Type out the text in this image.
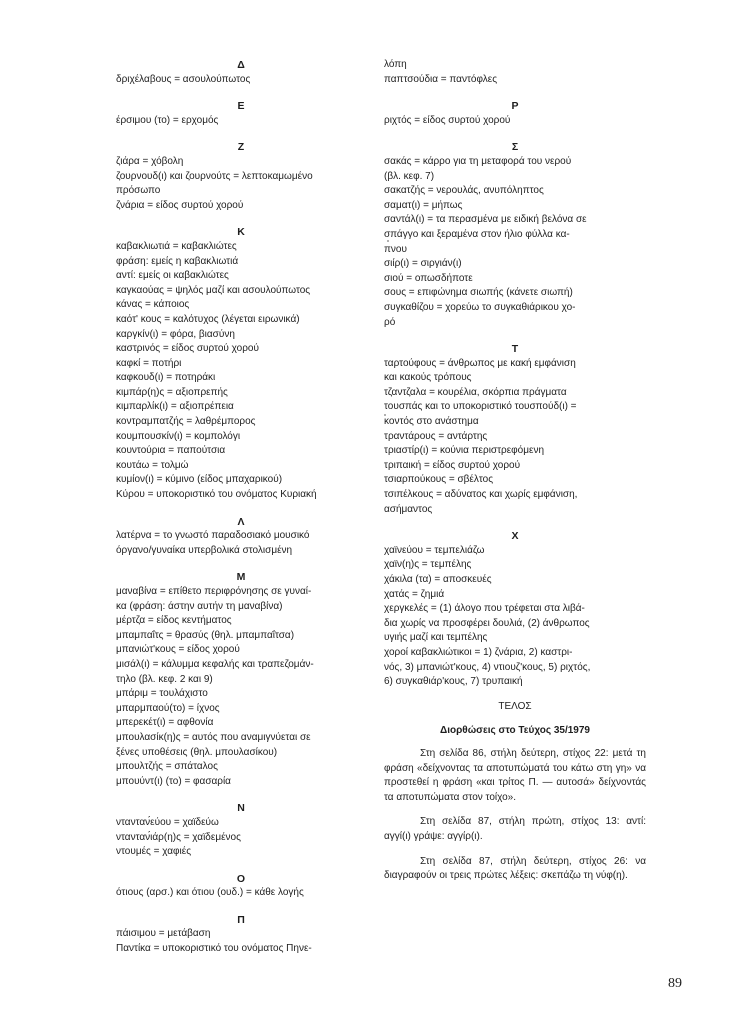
Δ
δριχέλαβους = ασουλούπωτος
Ε
έρσιμου (το) = ερχομός
Ζ
ζιάρα = χόβολη
ζουρνουδ(ι) και ζουρνούτς = λεπτοκαμωμένο
πρόσωπο
ζνάρια = είδος συρτού χορού
Κ
καβακλιωτιά = καβακλιώτες
φράση: εμείς η καβακλιωτιά
αντί: εμείς οι καβακλιώτες
καγκαούας = ψηλός μαζί και ασουλούπωτος
κάνας = κάποιος
καότ' κους = καλότυχος (λέγεται ειρωνικά)
καργκίν(ι) = φόρα, βιασύνη
καστρινός = είδος συρτού χορού
καφκί = ποτήρι
καφκουδ(ι) = ποτηράκι
κιμπάρ(η)ς = αξιοπρεπής
κιμπαρλίκ(ι) = αξιοπρέπεια
κοντραμπατζής = λαθρέμπορος
κουμπουσκίν(ι) = κομπολόγι
κουντούρια = παπούτσια
κουτάω = τολμώ
κυμίον(ι) = κύμινο (είδος μπαχαρικού)
Κύρου = υποκοριστικό του ονόματος Κυριακή
Λ
λατέρνα = το γνωστό παραδοσιακό μουσικό
όργανο/γυναίκα υπερβολικά στολισμένη
Μ
μαναβίνα = επίθετο περιφρόνησης σε γυναί-
κα (φράση: άστην αυτήν τη μαναβίνα)
μέρτζα = είδος κεντήματος
μπαμπαΐτς = θρασύς (θηλ. μπαμπαΐτσα)
μπανιώτ'κους = είδος χορού
μισάλ(ι) = κάλυμμα κεφαλής και τραπεζομάν-
τηλο (βλ. κεφ. 2 και 9)
μπάριμ = τουλάχιστο
μπαρμπαού(το) = ίχνος
μπερεκέτ(ι) = αφθονία
μπουλασίκ(η)ς = αυτός που αναμιγνύεται σε
ξένες υποθέσεις (θηλ. μπουλασίκου)
μπουλτζής = σπάταλος
μπουύντ(ι) (το) = φασαρία
Ν
ντανταν́εύου = χαϊδεύω
ντανταν́ιάρ(η)ς = χαϊδεμένος
ντουμές = χαφιές
Ο
ότιους (αρσ.) και ότιου (ουδ.) = κάθε λογής
Π
πάισιμου = μετάβαση
Παντίκα = υποκοριστικό του ονόματος Πηνε-
λόπη
παπτσούδια = παντόφλες
Ρ
ριχτός = είδος συρτού χορού
Σ
σακάς = κάρρο για τη μεταφορά του νερού
(βλ. κεφ. 7)
σακατζής = νερουλάς, ανυπόληπτος
σαματ(ι) = μήπως
σαντάλ(ι) = τα περασμένα με ειδική βελόνα σε
σπάγγο και ξεραμένα στον ήλιο φύλλα κα-
πνου
σιίρ(ι) = σιργιάν(ι)
σιού = οπωσδήποτε
σους = επιφώνημα σιωπής (κάνετε σιωπή)
συγκαθίζου = χορεύω το συγκαθιάρικου χο-
ρό
Τ
ταρτούφους = άνθρωπος με κακή εμφάνιση
και κακούς τρόπους
τζαντζαλα = κουρέλια, σκόρπια πράγματα
τουσπάς και το υποκοριστικό τουσπούδ(ι) =
κοντός στο ανάστημα
τραντάρους = αντάρτης
τριαστίρ(ι) = κούνια περιστρεφόμενη
τριπαική = είδος συρτού χορού
τσιαρπούκους = σβέλτος
τσιπέλκους = αδύνατος και χωρίς εμφάνιση,
ασήμαντος
Χ
χαϊνεύου = τεμπελιάζω
χαϊν(η)ς = τεμπέλης
χάκιλα (τα) = αποσκευές
χατάς = ζημιά
χεργκελές = (1) άλογο που τρέφεται στα λιβά-
δια χωρίς να προσφέρει δουλιά, (2) άνθρωπος
υγιής μαζί και τεμπέλης
χοροί καβακλιώτικοι = 1) ζνάρια, 2) καστρι-
νός, 3) μπανιώτ'κους, 4) ντιουζ'κους, 5) ριχτός,
6) συγκαθιάρ'κους, 7) τρυπαική
ΤΕΛΟΣ
Διορθώσεις στο Τεύχος 35/1979
Στη σελίδα 86, στήλη δεύτερη, στίχος 22: μετά τη φράση «δείχνοντας τα αποτυπώματά του κάτω στη γη» να προστεθεί η φράση «και τρίτος Π. — αυτοσά» δείχνοντάς τα αποτυπώματα στον τοίχο».
Στη σελίδα 87, στήλη πρώτη, στίχος 13: αντί: αγγί(ι) γράψε: αγγίρ(ι).
Στη σελίδα 87, στήλη δεύτερη, στίχος 26: να διαγραφούν οι τρεις πρώτες λέξεις: σκεπάζω τη νύφ(η).
89
